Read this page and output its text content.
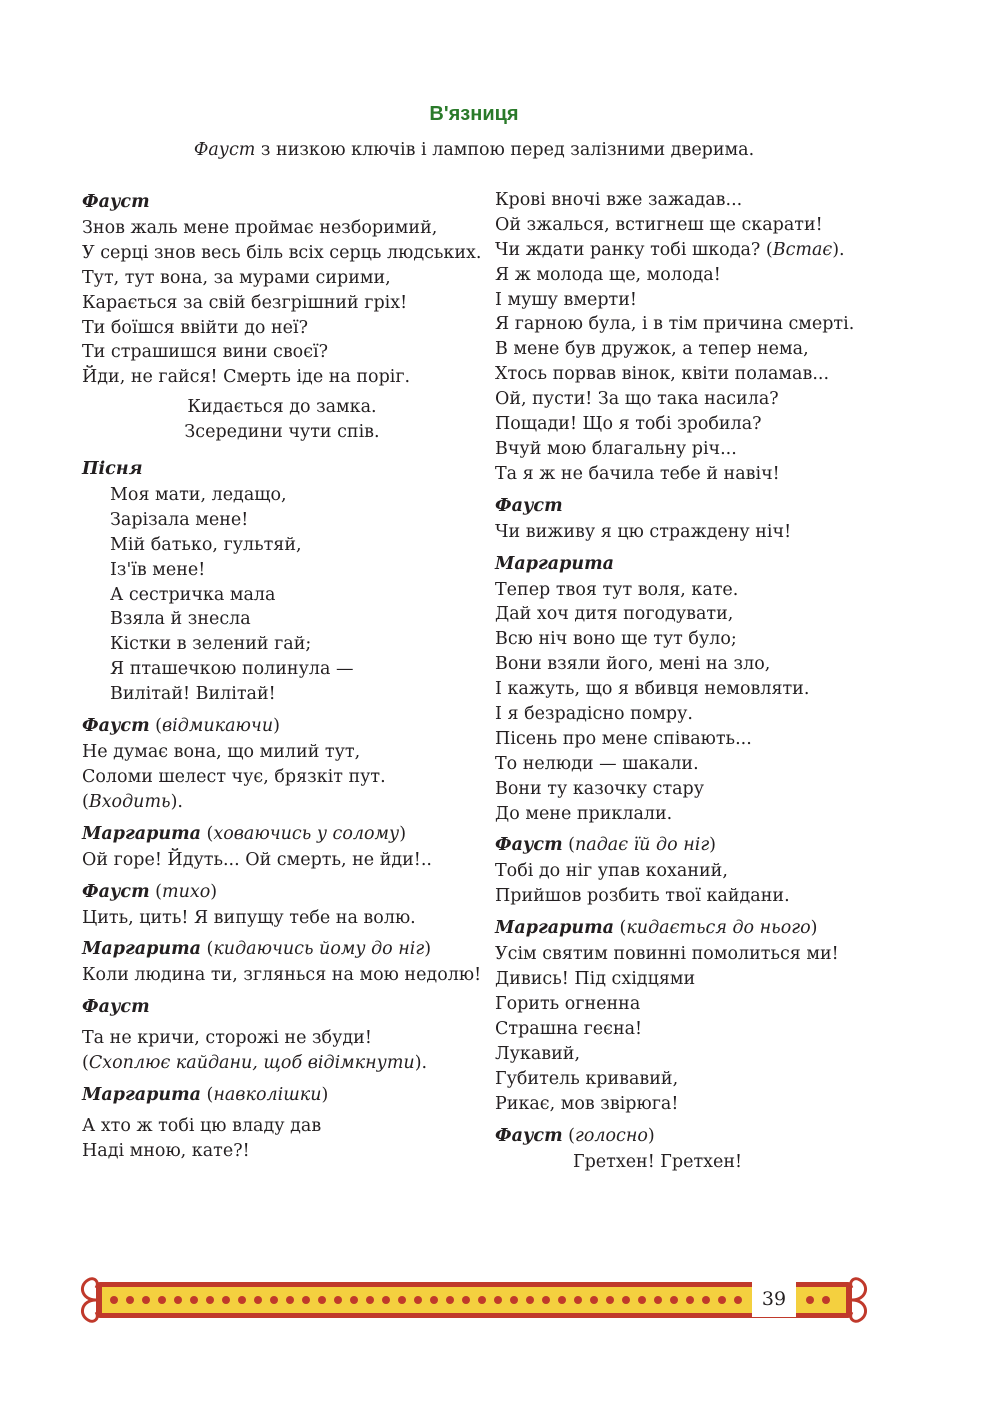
В'язниця
Фауст з низкою ключів і лампою перед залізними дверима.
Фауст
Знов жаль мене проймає незборимий,
У серці знов весь біль всіх серць людських.
Тут, тут вона, за мурами сирими,
Карається за свій безгрішний гріх!
Ти боїшся ввійти до неї?
Ти страшишся вини своєї?
Йди, не гайся! Смерть іде на поріг.
Кидається до замка.
Зсередини чути спів.
Пісня
Моя мати, ледащо,
Зарізала мене!
Мій батько, гультяй,
Із'їв мене!
А сестричка мала
Взяла й знесла
Кістки в зелений гай;
Я пташечкою полинула —
Вилітай! Вилітай!
Фауст (відмикаючи)
Не думає вона, що милий тут,
Соломи шелест чує, брязкіт пут.
(Входить).
Маргарита (ховаючись у солому)
Ой горе! Йдуть... Ой смерть, не йди!..
Фауст (тихо)
Цить, цить! Я випущу тебе на волю.
Маргарита (кидаючись йому до ніг)
Коли людина ти, зглянься на мою недолю!
Фауст
Та не кричи, сторожі не збуди!
(Схоплює кайдани, щоб відімкнути).
Маргарита (навколішки)
А хто ж тобі цю владу дав
Наді мною, кате?!
Крові вночі вже зажадав...
Ой зжалься, встигнеш ще скарати!
Чи ждати ранку тобі шкода? (Встає).
Я ж молода ще, молода!
І мушу вмерти!
Я гарною була, і в тім причина смерті.
В мене був дружок, а тепер нема,
Хтось порвав вінок, квіти поламав...
Ой, пусти! За що така насила?
Пощади! Що я тобі зробила?
Вчуй мою благальну річ...
Та я ж не бачила тебе й навіч!
Фауст
Чи виживу я цю страждену ніч!
Маргарита
Тепер твоя тут воля, кате.
Дай хоч дитя погодувати,
Всю ніч воно ще тут було;
Вони взяли його, мені на зло,
І кажуть, що я вбивця немовляти.
І я безрадісно помру.
Пісень про мене співають...
То нелюди — шакали.
Вони ту казочку стару
До мене приклали.
Фауст (падає їй до ніг)
Тобі до ніг упав коханий,
Прийшов розбить твої кайдани.
Маргарита (кидається до нього)
Усім святим повинні помолиться ми!
Дивись! Під східцями
Горить огненна
Страшна геєна!
Лукавий,
Губитель кривавий,
Рикає, мов звірюга!
Фауст (голосно)
Гретхен! Гретхен!
39
